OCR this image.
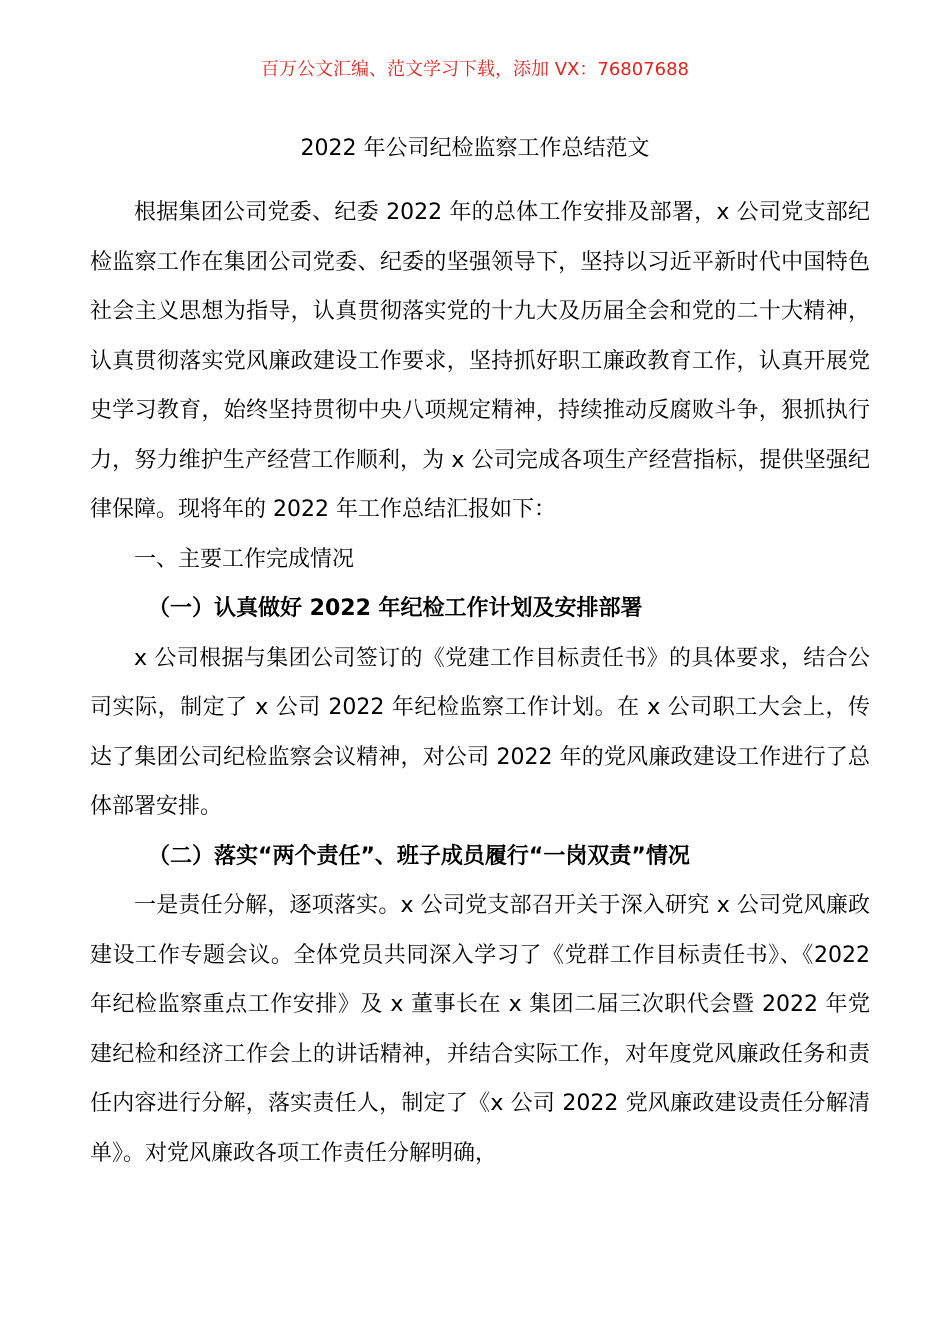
百万公文汇编、范文学习下载，添加 VX：76807688
2022 年公司纪检监察工作总结范文

根据集团公司党委、纪委 2022 年的总体工作安排及部署，x 公司党支部纪检监察工作在集团公司党委、纪委的坚强领导下，坚持以习近平新时代中国特色社会主义思想为指导，认真贯彻落实党的十九大及历届全会和党的二十大精神，认真贯彻落实党风廉政建设工作要求，坚持抓好职工廉政教育工作，认真开展党史学习教育，始终坚持贯彻中央八项规定精神，持续推动反腐败斗争，狠抓执行力，努力维护生产经营工作顺利，为 x 公司完成各项生产经营指标，提供坚强纪律保障。现将年的 2022 年工作总结汇报如下：

一、主要工作完成情况

（一）认真做好 2022 年纪检工作计划及安排部署

x 公司根据与集团公司签订的《党建工作目标责任书》的具体要求，结合公司实际，制定了 x 公司 2022 年纪检监察工作计划。在 x 公司职工大会上，传达了集团公司纪检监察会议精神，对公司 2022 年的党风廉政建设工作进行了总体部署安排。

（二）落实“两个责任”、班子成员履行“一岗双责”情况

一是责任分解，逐项落实。x 公司党支部召开关于深入研究 x 公司党风廉政建设工作专题会议。全体党员共同深入学习了《党群工作目标责任书》、《2022 年纪检监察重点工作安排》及 x 董事长在 x 集团二届三次职代会暨 2022 年党建纪检和经济工作会上的讲话精神，并结合实际工作，对年度党风廉政任务和责任内容进行分解，落实责任人，制定了《x 公司 2022 党风廉政建设责任分解清单》。对党风廉政各项工作责任分解明确，
